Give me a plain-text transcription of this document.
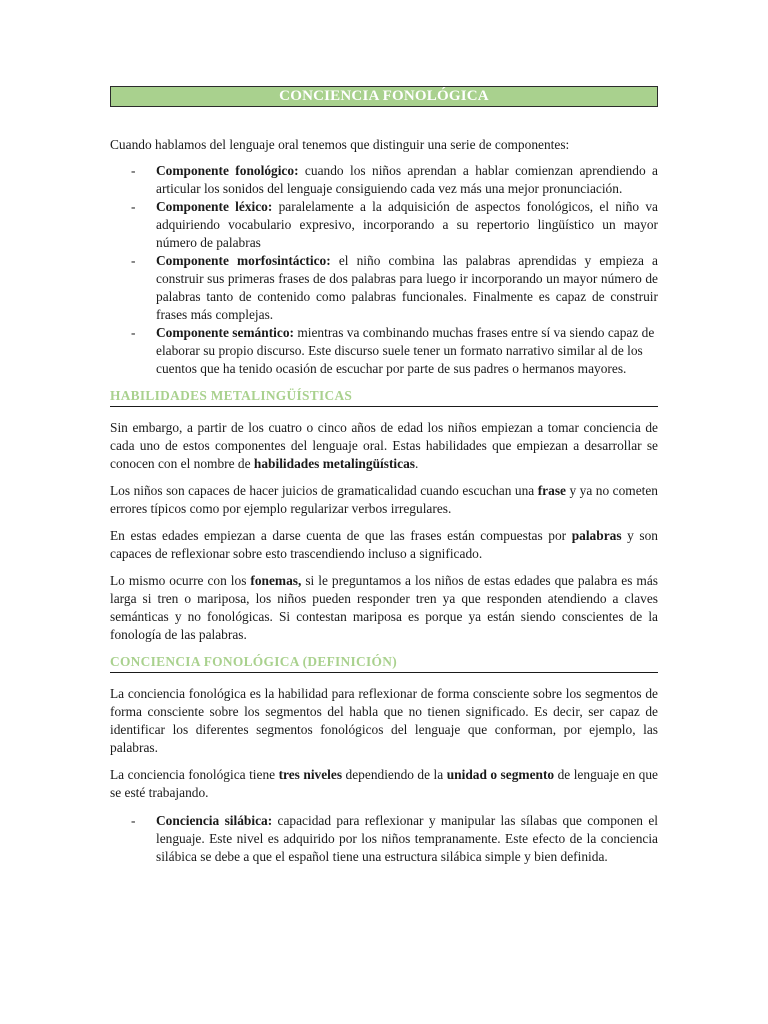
CONCIENCIA FONOLÓGICA

Cuando hablamos del lenguaje oral tenemos que distinguir una serie de componentes:

- Componente fonológico: cuando los niños aprendan a hablar comienzan aprendiendo a articular los sonidos del lenguaje consiguiendo cada vez más una mejor pronunciación.
- Componente léxico: paralelamente a la adquisición de aspectos fonológicos, el niño va adquiriendo vocabulario expresivo, incorporando a su repertorio lingüístico un mayor número de palabras
- Componente morfosintáctico: el niño combina las palabras aprendidas y empieza a construir sus primeras frases de dos palabras para luego ir incorporando un mayor número de palabras tanto de contenido como palabras funcionales. Finalmente es capaz de construir frases más complejas.
- Componente semántico: mientras va combinando muchas frases entre sí va siendo capaz de elaborar su propio discurso. Este discurso suele tener un formato narrativo similar al de los cuentos que ha tenido ocasión de escuchar por parte de sus padres o hermanos mayores.
HABILIDADES METALINGÜÍSTICAS

Sin embargo, a partir de los cuatro o cinco años de edad los niños empiezan a tomar conciencia de cada uno de estos componentes del lenguaje oral. Estas habilidades que empiezan a desarrollar se conocen con el nombre de habilidades metalingüísticas.

Los niños son capaces de hacer juicios de gramaticalidad cuando escuchan una frase y ya no cometen errores típicos como por ejemplo regularizar verbos irregulares.

En estas edades empiezan a darse cuenta de que las frases están compuestas por palabras y son capaces de reflexionar sobre esto trascendiendo incluso a significado.

Lo mismo ocurre con los fonemas, si le preguntamos a los niños de estas edades que palabra es más larga si tren o mariposa, los niños pueden responder tren ya que responden atendiendo a claves semánticas y no fonológicas. Si contestan mariposa es porque ya están siendo conscientes de la fonología de las palabras.

CONCIENCIA FONOLÓGICA (DEFINICIÓN)

La conciencia fonológica es la habilidad para reflexionar de forma consciente sobre los segmentos de forma consciente sobre los segmentos del habla que no tienen significado. Es decir, ser capaz de identificar los diferentes segmentos fonológicos del lenguaje que conforman, por ejemplo, las palabras.

La conciencia fonológica tiene tres niveles dependiendo de la unidad o segmento de lenguaje en que se esté trabajando.

- Conciencia silábica: capacidad para reflexionar y manipular las sílabas que componen el lenguaje. Este nivel es adquirido por los niños tempranamente. Este efecto de la conciencia silábica se debe a que el español tiene una estructura silábica simple y bien definida.
